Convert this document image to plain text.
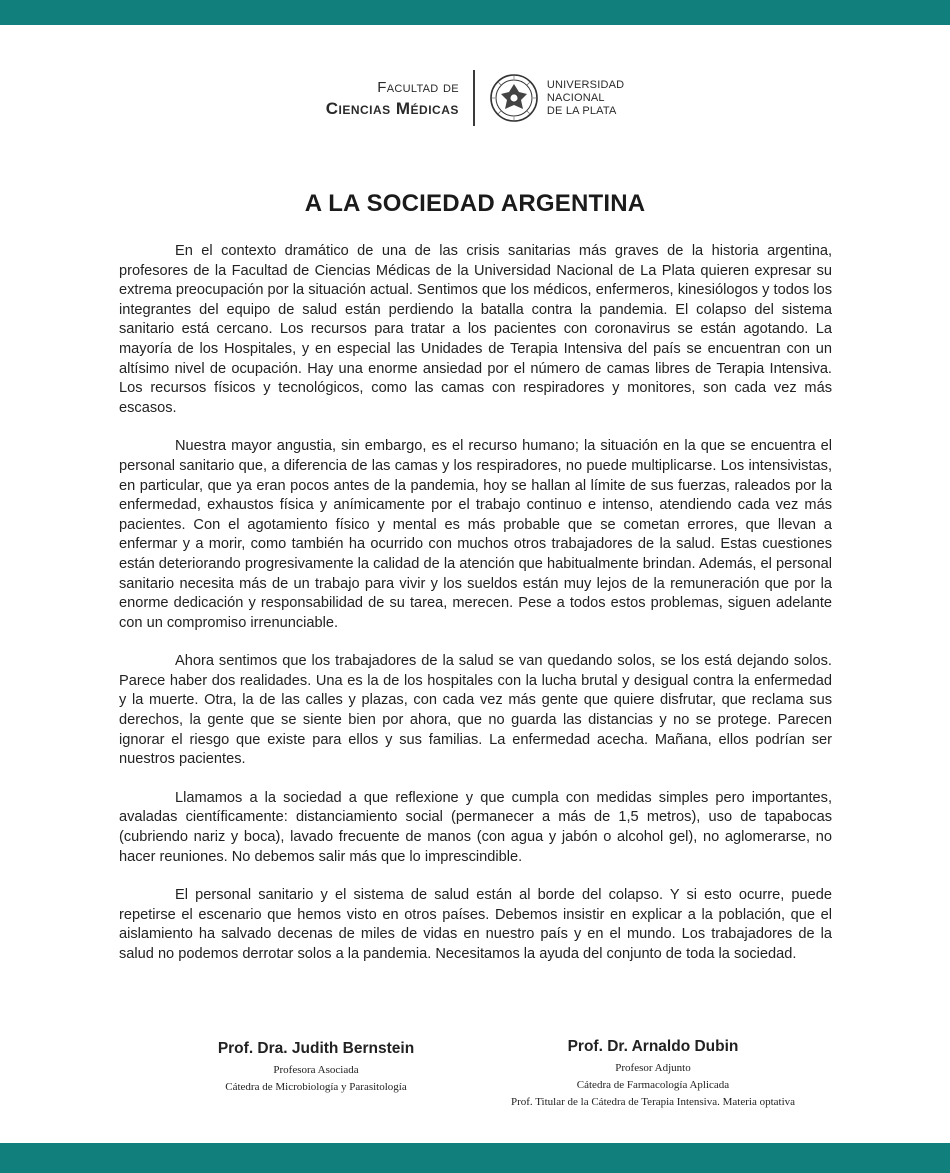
Facultad de
Ciencias Médicas
UNIVERSIDAD
NACIONAL
DE LA PLATA
A LA SOCIEDAD ARGENTINA

En el contexto dramático de una de las crisis sanitarias más graves de la historia argentina, profesores de la Facultad de Ciencias Médicas de la Universidad Nacional de La Plata quieren expresar su extrema preocupación por la situación actual. Sentimos que los médicos, enfermeros, kinesiólogos y todos los integrantes del equipo de salud están perdiendo la batalla contra la pandemia. El colapso del sistema sanitario está cercano. Los recursos para tratar a los pacientes con coronavirus se están agotando. La mayoría de los Hospitales, y en especial las Unidades de Terapia Intensiva del país se encuentran con un altísimo nivel de ocupación. Hay una enorme ansiedad por el número de camas libres de Terapia Intensiva. Los recursos físicos y tecnológicos, como las camas con respiradores y monitores, son cada vez más escasos.

Nuestra mayor angustia, sin embargo, es el recurso humano; la situación en la que se encuentra el personal sanitario que, a diferencia de las camas y los respiradores, no puede multiplicarse. Los intensivistas, en particular, que ya eran pocos antes de la pandemia, hoy se hallan al límite de sus fuerzas, raleados por la enfermedad, exhaustos física y anímicamente por el trabajo continuo e intenso, atendiendo cada vez más pacientes. Con el agotamiento físico y mental es más probable que se cometan errores, que llevan a enfermar y a morir, como también ha ocurrido con muchos otros trabajadores de la salud. Estas cuestiones están deteriorando progresivamente la calidad de la atención que habitualmente brindan. Además, el personal sanitario necesita más de un trabajo para vivir y los sueldos están muy lejos de la remuneración que por la enorme dedicación y responsabilidad de su tarea, merecen. Pese a todos estos problemas, siguen adelante con un compromiso irrenunciable.

Ahora sentimos que los trabajadores de la salud se van quedando solos, se los está dejando solos. Parece haber dos realidades. Una es la de los hospitales con la lucha brutal y desigual contra la enfermedad y la muerte. Otra, la de las calles y plazas, con cada vez más gente que quiere disfrutar, que reclama sus derechos, la gente que se siente bien por ahora, que no guarda las distancias y no se protege. Parecen ignorar el riesgo que existe para ellos y sus familias. La enfermedad acecha. Mañana, ellos podrían ser nuestros pacientes.

Llamamos a la sociedad a que reflexione y que cumpla con medidas simples pero importantes, avaladas científicamente: distanciamiento social (permanecer a más de 1,5 metros), uso de tapabocas (cubriendo nariz y boca), lavado frecuente de manos (con agua y jabón o alcohol gel), no aglomerarse, no hacer reuniones. No debemos salir más que lo imprescindible.

El personal sanitario y el sistema de salud están al borde del colapso. Y si esto ocurre, puede repetirse el escenario que hemos visto en otros países. Debemos insistir en explicar a la población, que el aislamiento ha salvado decenas de miles de vidas en nuestro país y en el mundo. Los trabajadores de la salud no podemos derrotar solos a la pandemia. Necesitamos la ayuda del conjunto de toda la sociedad.

Prof. Dra. Judith Bernstein
Profesora Asociada
Cátedra de Microbiología y Parasitología
Prof. Dr. Arnaldo Dubin
Profesor Adjunto
Cátedra de Farmacología Aplicada
Prof. Titular de la Cátedra de Terapia Intensiva. Materia optativa
